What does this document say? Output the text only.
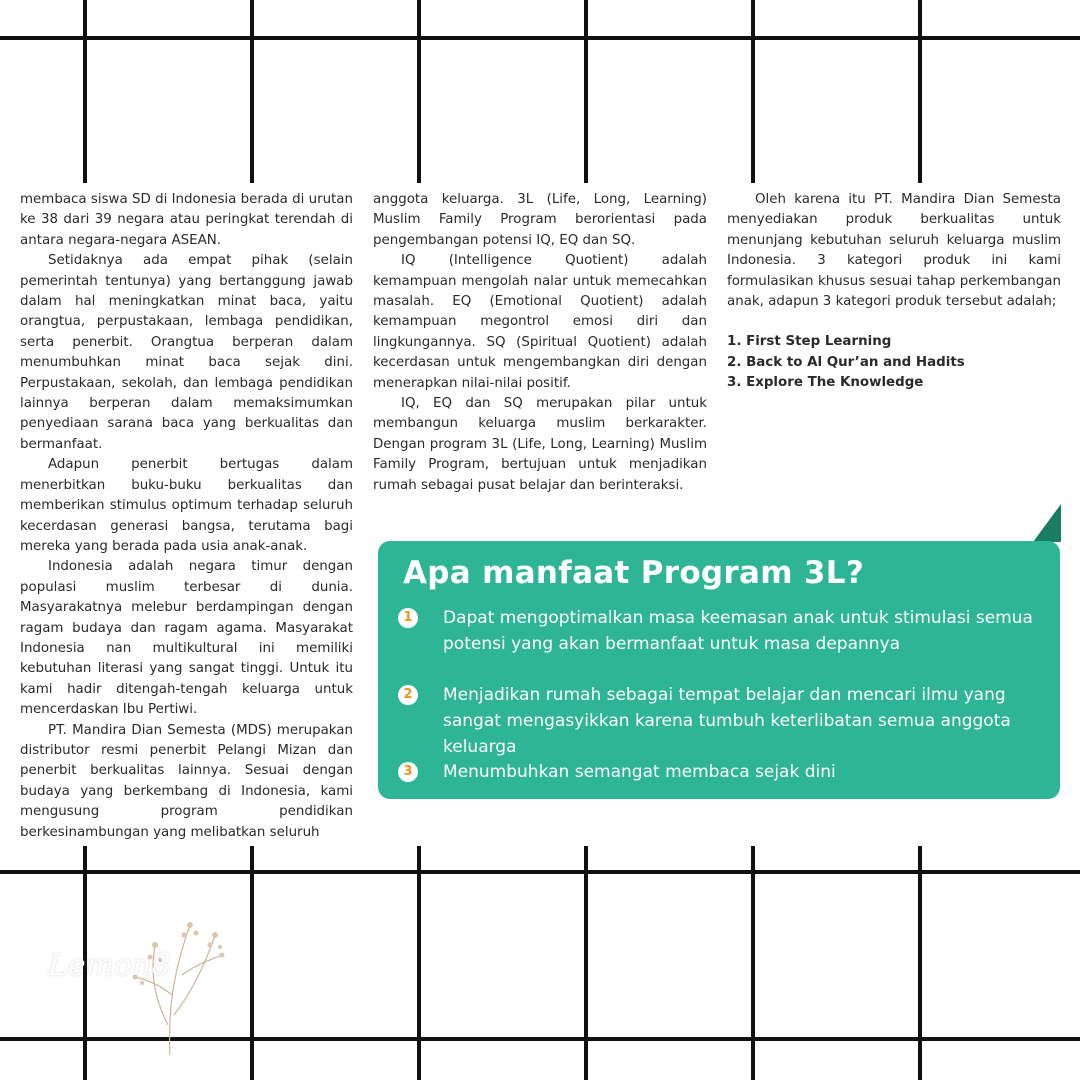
membaca siswa SD di Indonesia berada di urutan ke 38 dari 39 negara atau peringkat terendah di antara negara-negara ASEAN.

Setidaknya ada empat pihak (selain pemerintah tentunya) yang bertanggung jawab dalam hal meningkatkan minat baca, yaitu orangtua, perpustakaan, lembaga pendidikan, serta penerbit. Orangtua berperan dalam menumbuhkan minat baca sejak dini. Perpustakaan, sekolah, dan lembaga pendidikan lainnya berperan dalam memaksimumkan penyediaan sarana baca yang berkualitas dan bermanfaat.

Adapun penerbit bertugas dalam menerbitkan buku-buku berkualitas dan memberikan stimulus optimum terhadap seluruh kecerdasan generasi bangsa, terutama bagi mereka yang berada pada usia anak-anak.

Indonesia adalah negara timur dengan populasi muslim terbesar di dunia. Masyarakatnya melebur berdampingan dengan ragam budaya dan ragam agama. Masyarakat Indonesia nan multikultural ini memiliki kebutuhan literasi yang sangat tinggi. Untuk itu kami hadir ditengah-tengah keluarga untuk mencerdaskan Ibu Pertiwi.

PT. Mandira Dian Semesta (MDS) merupakan distributor resmi penerbit Pelangi Mizan dan penerbit berkualitas lainnya. Sesuai dengan budaya yang berkembang di Indonesia, kami mengusung program pendidikan berkesinambungan yang melibatkan seluruh

anggota keluarga. 3L (Life, Long, Learning) Muslim Family Program berorientasi pada pengembangan potensi IQ, EQ dan SQ.

IQ (Intelligence Quotient) adalah kemampuan mengolah nalar untuk memecahkan masalah. EQ (Emotional Quotient) adalah kemampuan megontrol emosi diri dan lingkungannya. SQ (Spiritual Quotient) adalah kecerdasan untuk mengembangkan diri dengan menerapkan nilai-nilai positif.

IQ, EQ dan SQ merupakan pilar untuk membangun keluarga muslim berkarakter. Dengan program 3L (Life, Long, Learning) Muslim Family Program, bertujuan untuk menjadikan rumah sebagai pusat belajar dan berinteraksi.

Oleh karena itu PT. Mandira Dian Semesta menyediakan produk berkualitas untuk menunjang kebutuhan seluruh keluarga muslim Indonesia. 3 kategori produk ini kami formulasikan khusus sesuai tahap perkembangan anak, adapun 3 kategori produk tersebut adalah;

1. First Step Learning
2. Back to Al Qur’an and Hadits
3. Explore The Knowledge
Apa manfaat Program 3L?
1	Dapat mengoptimalkan masa keemasan anak untuk stimulasi semua potensi yang akan bermanfaat untuk masa depannya
2	Menjadikan rumah sebagai tempat belajar dan mencari ilmu yang sangat mengasyikkan karena tumbuh keterlibatan semua anggota keluarga
3	Menumbuhkan semangat membaca sejak dini
Lemon8
